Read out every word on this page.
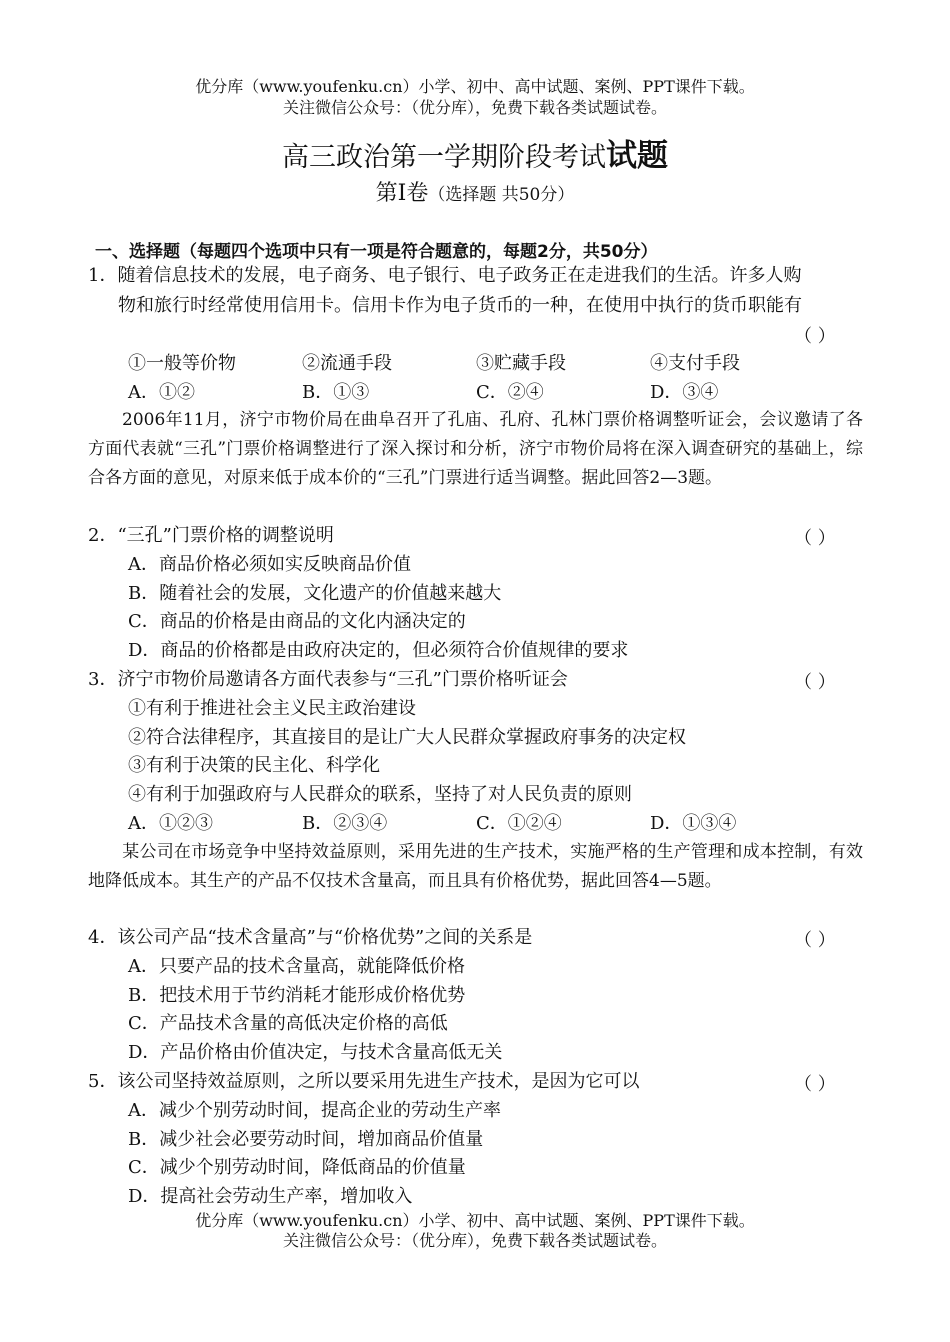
优分库（www.youfenku.cn）小学、初中、高中试题、案例、PPT课件下载。
关注微信公众号：（优分库），免费下载各类试题试卷。
高三政治第一学期阶段考试试题
第Ⅰ卷（选择题 共50分）
一、选择题（每题四个选项中只有一项是符合题意的，每题2分，共50分）
1．随着信息技术的发展，电子商务、电子银行、电子政务正在走进我们的生活。许多人购
物和旅行时经常使用信用卡。信用卡作为电子货币的一种，在使用中执行的货币职能有
（ ）
①一般等价物	②流通手段	③贮藏手段	④支付手段
A．①②	B．①③	C．②④	D．③④
2006年11月，济宁市物价局在曲阜召开了孔庙、孔府、孔林门票价格调整听证会，会议邀请了各方面代表就“三孔”门票价格调整进行了深入探讨和分析，济宁市物价局将在深入调查研究的基础上，综合各方面的意见，对原来低于成本价的“三孔”门票进行适当调整。据此回答2—3题。
2．“三孔”门票价格的调整说明	（ ）
A．商品价格必须如实反映商品价值
B．随着社会的发展，文化遗产的价值越来越大
C．商品的价格是由商品的文化内涵决定的
D．商品的价格都是由政府决定的，但必须符合价值规律的要求
3．济宁市物价局邀请各方面代表参与“三孔”门票价格听证会	（ ）
①有利于推进社会主义民主政治建设
②符合法律程序，其直接目的是让广大人民群众掌握政府事务的决定权
③有利于决策的民主化、科学化
④有利于加强政府与人民群众的联系，坚持了对人民负责的原则
A．①②③	B．②③④	C．①②④	D．①③④
某公司在市场竞争中坚持效益原则，采用先进的生产技术，实施严格的生产管理和成本控制，有效地降低成本。其生产的产品不仅技术含量高，而且具有价格优势，据此回答4—5题。
4．该公司产品“技术含量高”与“价格优势”之间的关系是	（ ）
A．只要产品的技术含量高，就能降低价格
B．把技术用于节约消耗才能形成价格优势
C．产品技术含量的高低决定价格的高低
D．产品价格由价值决定，与技术含量高低无关
5．该公司坚持效益原则，之所以要采用先进生产技术，是因为它可以	（ ）
A．减少个别劳动时间，提高企业的劳动生产率
B．减少社会必要劳动时间，增加商品价值量
C．减少个别劳动时间，降低商品的价值量
D．提高社会劳动生产率，增加收入
优分库（www.youfenku.cn）小学、初中、高中试题、案例、PPT课件下载。
关注微信公众号：（优分库），免费下载各类试题试卷。
